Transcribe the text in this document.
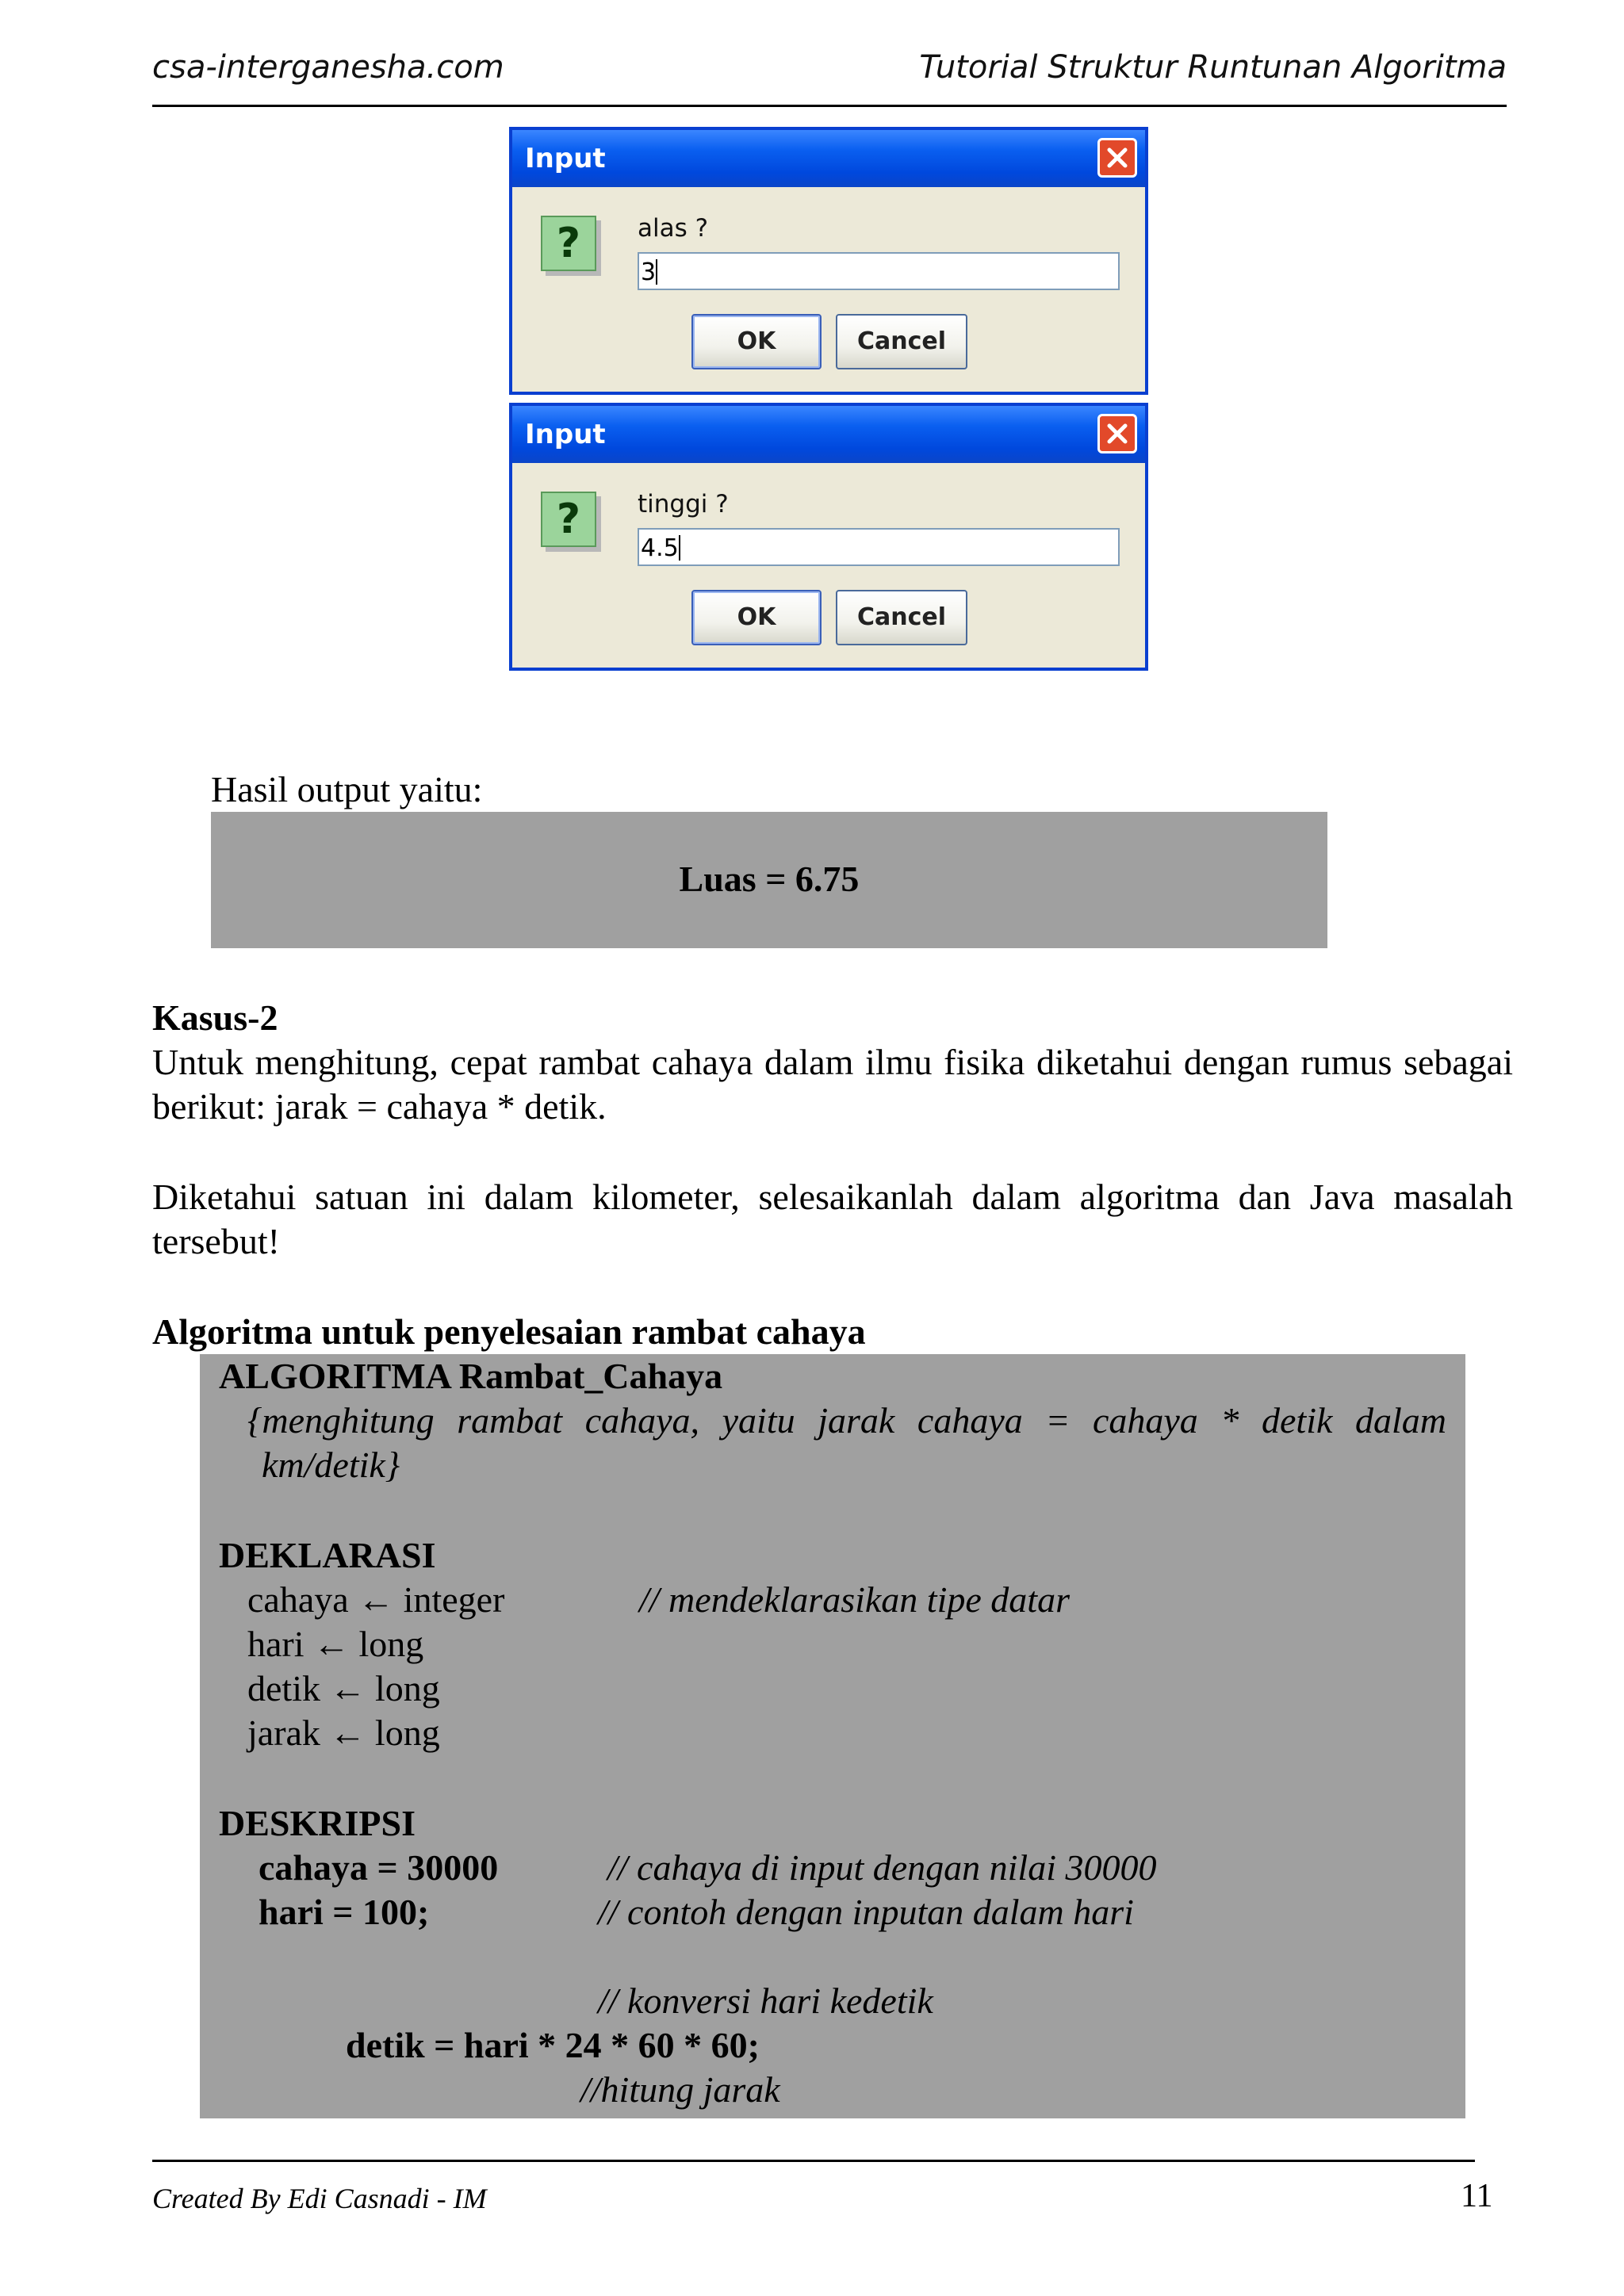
csa-interganesha.com	Tutorial Struktur Runtunan Algoritma
Input
?	alas ?
3
OK	Cancel
Input
?	tinggi ?
4.5
OK	Cancel
Hasil output yaitu:
Luas = 6.75
Kasus-2
Untuk menghitung, cepat rambat cahaya dalam ilmu fisika diketahui dengan rumus sebagai berikut: jarak = cahaya * detik.
Diketahui satuan ini dalam kilometer, selesaikanlah dalam algoritma dan Java masalah tersebut!
Algoritma untuk penyelesaian rambat cahaya
ALGORITMA Rambat_Cahaya
{menghitung rambat cahaya, yaitu jarak cahaya = cahaya * detik dalam
km/detik}
DEKLARASI
cahaya ← integer	// mendeklarasikan tipe datar
hari ← long
detik ← long
jarak ← long
DESKRIPSI
cahaya = 30000	// cahaya di input dengan nilai 30000
hari = 100;	// contoh dengan inputan dalam hari
// konversi hari kedetik
detik = hari * 24 * 60 * 60;
//hitung jarak
Created By Edi Casnadi - IM	11
